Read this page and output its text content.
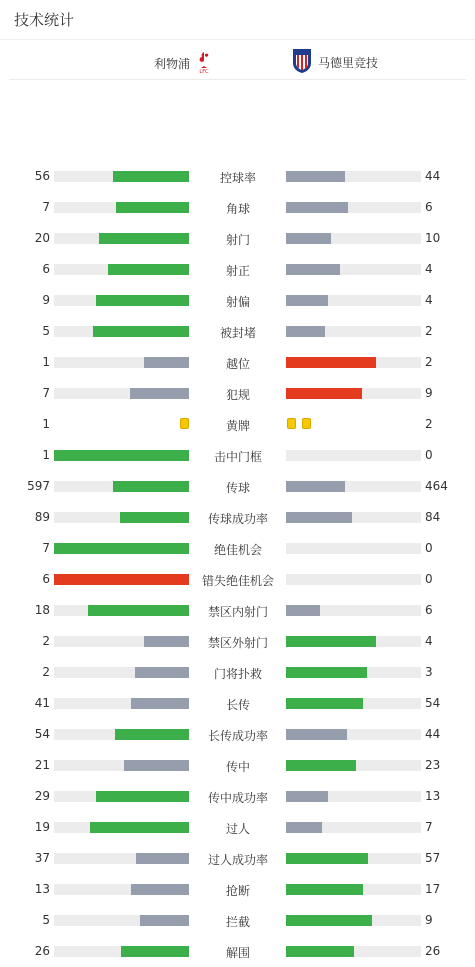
技术统计
利物浦
LFC
马德里竞技
56	控球率	44
7	角球	6
20	射门	10
6	射正	4
9	射偏	4
5	被封堵	2
1	越位	2
7	犯规	9
1	黄牌	2
1	击中门框	0
597	传球	464
89	传球成功率	84
7	绝佳机会	0
6	错失绝佳机会	0
18	禁区内射门	6
2	禁区外射门	4
2	门将扑救	3
41	长传	54
54	长传成功率	44
21	传中	23
29	传中成功率	13
19	过人	7
37	过人成功率	57
13	抢断	17
5	拦截	9
26	解围	26
